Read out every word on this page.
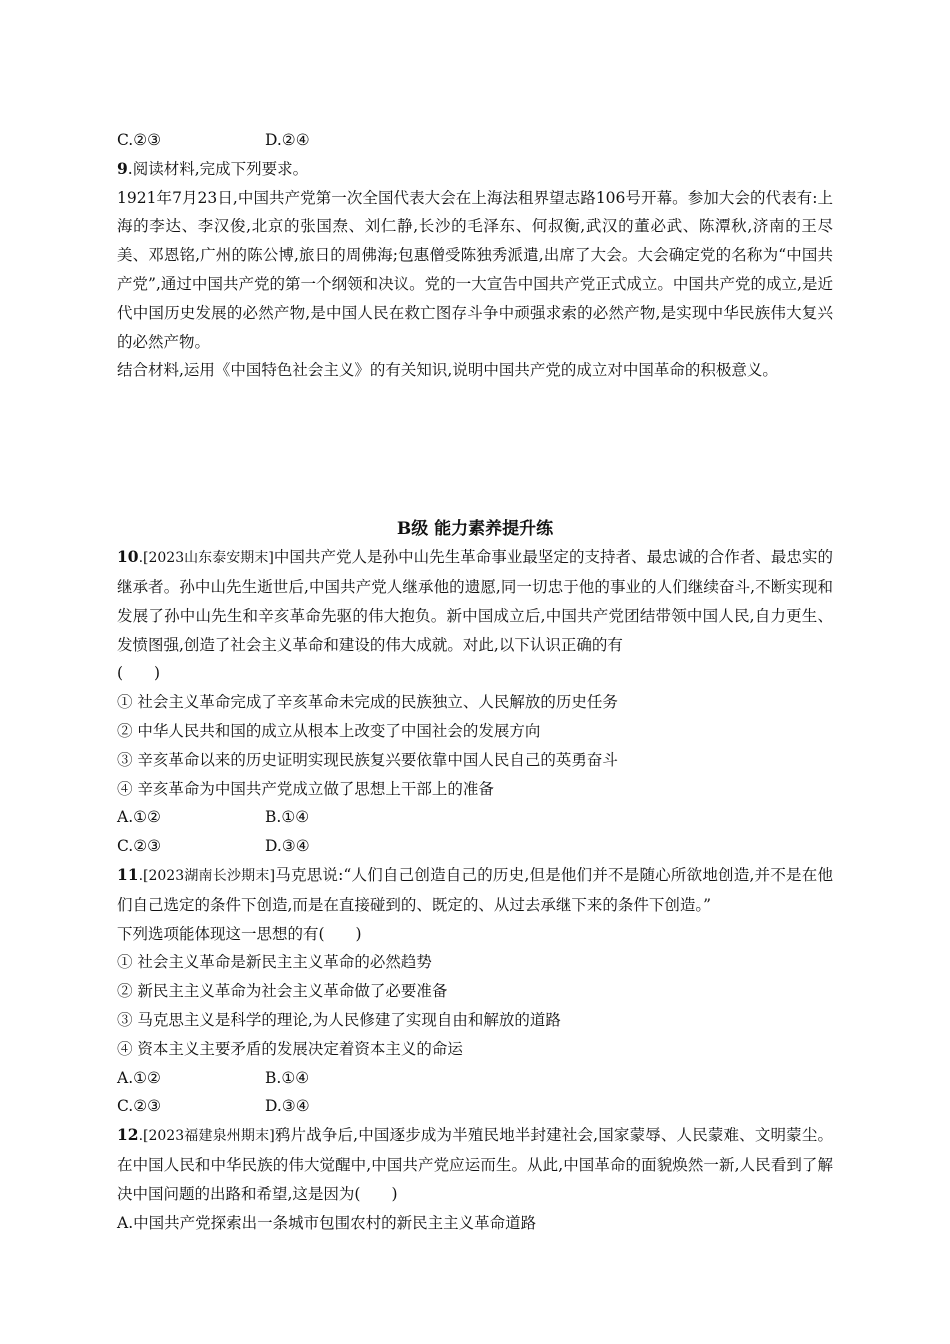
C.②③	D.②④
9.阅读材料,完成下列要求。
1921年7月23日,中国共产党第一次全国代表大会在上海法租界望志路106号开幕。参加大会的代表有:上海的李达、李汉俊,北京的张国焘、刘仁静,长沙的毛泽东、何叔衡,武汉的董必武、陈潭秋,济南的王尽美、邓恩铭,广州的陈公博,旅日的周佛海;包惠僧受陈独秀派遣,出席了大会。大会确定党的名称为“中国共产党”,通过中国共产党的第一个纲领和决议。党的一大宣告中国共产党正式成立。中国共产党的成立,是近代中国历史发展的必然产物,是中国人民在救亡图存斗争中顽强求索的必然产物,是实现中华民族伟大复兴的必然产物。
结合材料,运用《中国特色社会主义》的有关知识,说明中国共产党的成立对中国革命的积极意义。
B级 能力素养提升练
10.[2023山东泰安期末]中国共产党人是孙中山先生革命事业最坚定的支持者、最忠诚的合作者、最忠实的继承者。孙中山先生逝世后,中国共产党人继承他的遗愿,同一切忠于他的事业的人们继续奋斗,不断实现和发展了孙中山先生和辛亥革命先驱的伟大抱负。新中国成立后,中国共产党团结带领中国人民,自力更生、发愤图强,创造了社会主义革命和建设的伟大成就。对此,以下认识正确的有
(　　)
① 社会主义革命完成了辛亥革命未完成的民族独立、人民解放的历史任务
② 中华人民共和国的成立从根本上改变了中国社会的发展方向
③ 辛亥革命以来的历史证明实现民族复兴要依靠中国人民自己的英勇奋斗
④ 辛亥革命为中国共产党成立做了思想上干部上的准备
A.①②	B.①④
C.②③	D.③④
11.[2023湖南长沙期末]马克思说:“人们自己创造自己的历史,但是他们并不是随心所欲地创造,并不是在他们自己选定的条件下创造,而是在直接碰到的、既定的、从过去承继下来的条件下创造。”
下列选项能体现这一思想的有(　　)
① 社会主义革命是新民主主义革命的必然趋势
② 新民主主义革命为社会主义革命做了必要准备
③ 马克思主义是科学的理论,为人民修建了实现自由和解放的道路
④ 资本主义主要矛盾的发展决定着资本主义的命运
A.①②	B.①④
C.②③	D.③④
12.[2023福建泉州期末]鸦片战争后,中国逐步成为半殖民地半封建社会,国家蒙辱、人民蒙难、文明蒙尘。在中国人民和中华民族的伟大觉醒中,中国共产党应运而生。从此,中国革命的面貌焕然一新,人民看到了解决中国问题的出路和希望,这是因为(　　)
A.中国共产党探索出一条城市包围农村的新民主主义革命道路
